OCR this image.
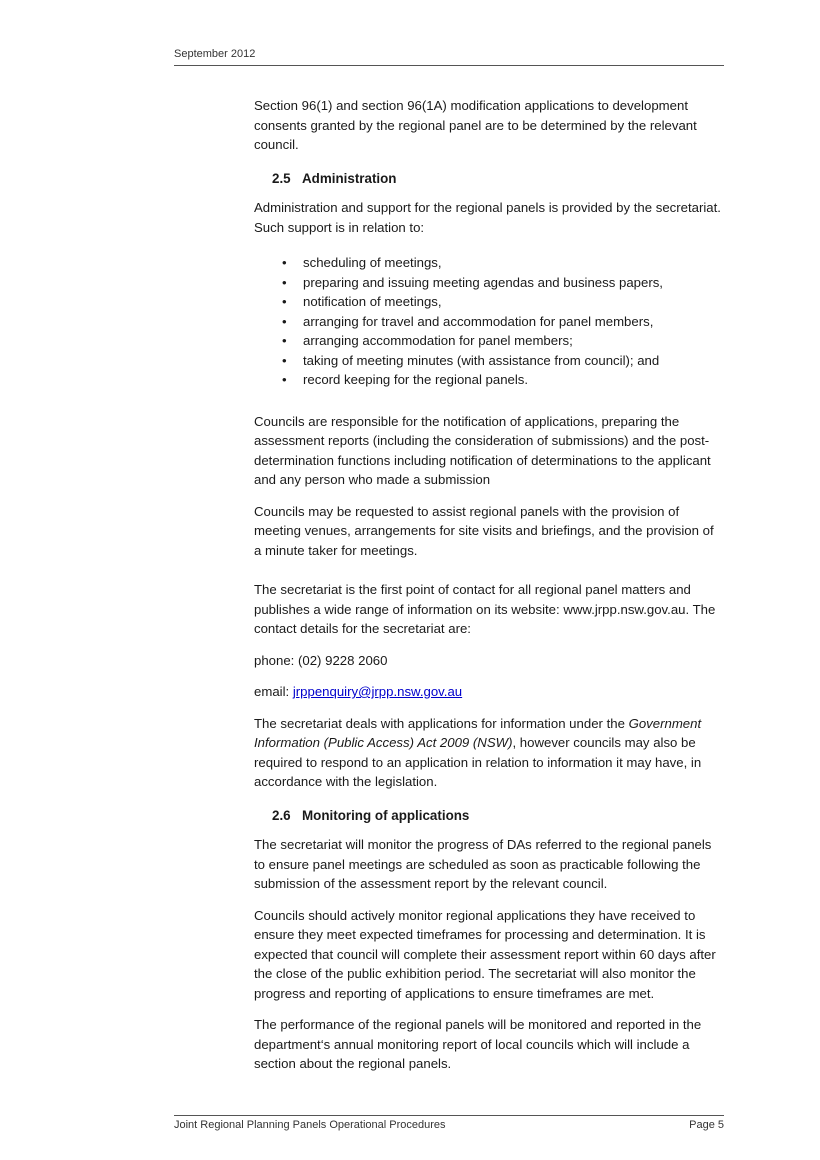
September 2012

Section 96(1) and section 96(1A) modification applications to development consents granted by the regional panel are to be determined by the relevant council.

2.5 Administration

Administration and support for the regional panels is provided by the secretariat. Such support is in relation to:

• scheduling of meetings,
• preparing and issuing meeting agendas and business papers,
• notification of meetings,
• arranging for travel and accommodation for panel members,
• arranging accommodation for panel members;
• taking of meeting minutes (with assistance from council); and
• record keeping for the regional panels.

Councils are responsible for the notification of applications, preparing the assessment reports (including the consideration of submissions) and the post-determination functions including notification of determinations to the applicant and any person who made a submission

Councils may be requested to assist regional panels with the provision of meeting venues, arrangements for site visits and briefings, and the provision of a minute taker for meetings.

The secretariat is the first point of contact for all regional panel matters and publishes a wide range of information on its website: www.jrpp.nsw.gov.au. The contact details for the secretariat are:

phone: (02) 9228 2060

email: jrppenquiry@jrpp.nsw.gov.au

The secretariat deals with applications for information under the Government Information (Public Access) Act 2009 (NSW), however councils may also be required to respond to an application in relation to information it may have, in accordance with the legislation.

2.6 Monitoring of applications

The secretariat will monitor the progress of DAs referred to the regional panels to ensure panel meetings are scheduled as soon as practicable following the submission of the assessment report by the relevant council.

Councils should actively monitor regional applications they have received to ensure they meet expected timeframes for processing and determination. It is expected that council will complete their assessment report within 60 days after the close of the public exhibition period. The secretariat will also monitor the progress and reporting of applications to ensure timeframes are met.

The performance of the regional panels will be monitored and reported in the department‘s annual monitoring report of local councils which will include a section about the regional panels.

Joint Regional Planning Panels Operational Procedures	Page 5
